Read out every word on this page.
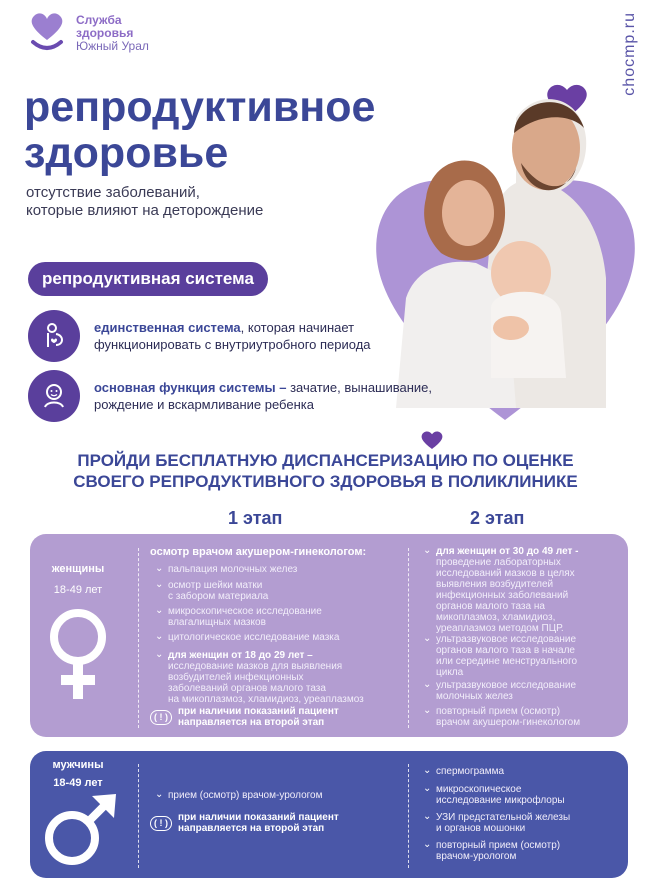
Служба
здоровья
Южный Урал	chocmp.ru
репродуктивное
здоровье
отсутствие заболеваний,
которые влияют на деторождение
репродуктивная система
единственная система, которая начинает
функционировать с внутриутробного периода
основная функция системы – зачатие, вынашивание,
рождение и вскармливание ребенка
ПРОЙДИ БЕСПЛАТНУЮ ДИСПАНСЕРИЗАЦИЮ ПО ОЦЕНКЕ
СВОЕГО РЕПРОДУКТИВНОГО ЗДОРОВЬЯ В ПОЛИКЛИНИКЕ
1 этап	2 этап
женщины
18-49 лет
осмотр врачом акушером-гинекологом:
⌄ пальпация молочных желез
⌄ осмотр шейки матки
с забором материала
⌄ микроскопическое исследование
влагалищных мазков
⌄ цитологическое исследование мазка
⌄ для женщин от 18 до 29 лет –
исследование мазков для выявления
возбудителей инфекционных
заболеваний органов малого таза
на микоплазмоз, хламидиоз, уреаплазмоз
( ! )	при наличии показаний пациент
направляется на второй этап
⌄ для женщин от 30 до 49 лет -
проведение лабораторных
исследований мазков в целях
выявления возбудителей
инфекционных заболеваний
органов малого таза на
микоплазмоз, хламидиоз,
уреаплазмоз методом ПЦР.
⌄ ультразвуковое исследование
органов малого таза в начале
или середине менструального
цикла
⌄ ультразвуковое исследование
молочных желез
⌄ повторный прием (осмотр)
врачом акушером-гинекологом
мужчины
18-49 лет
⌄ прием (осмотр) врачом-урологом
( ! )	при наличии показаний пациент
направляется на второй этап
⌄ спермограмма
⌄ микроскопическое
исследование микрофлоры
⌄ УЗИ предстательной железы
и органов мошонки
⌄ повторный прием (осмотр)
врачом-урологом
